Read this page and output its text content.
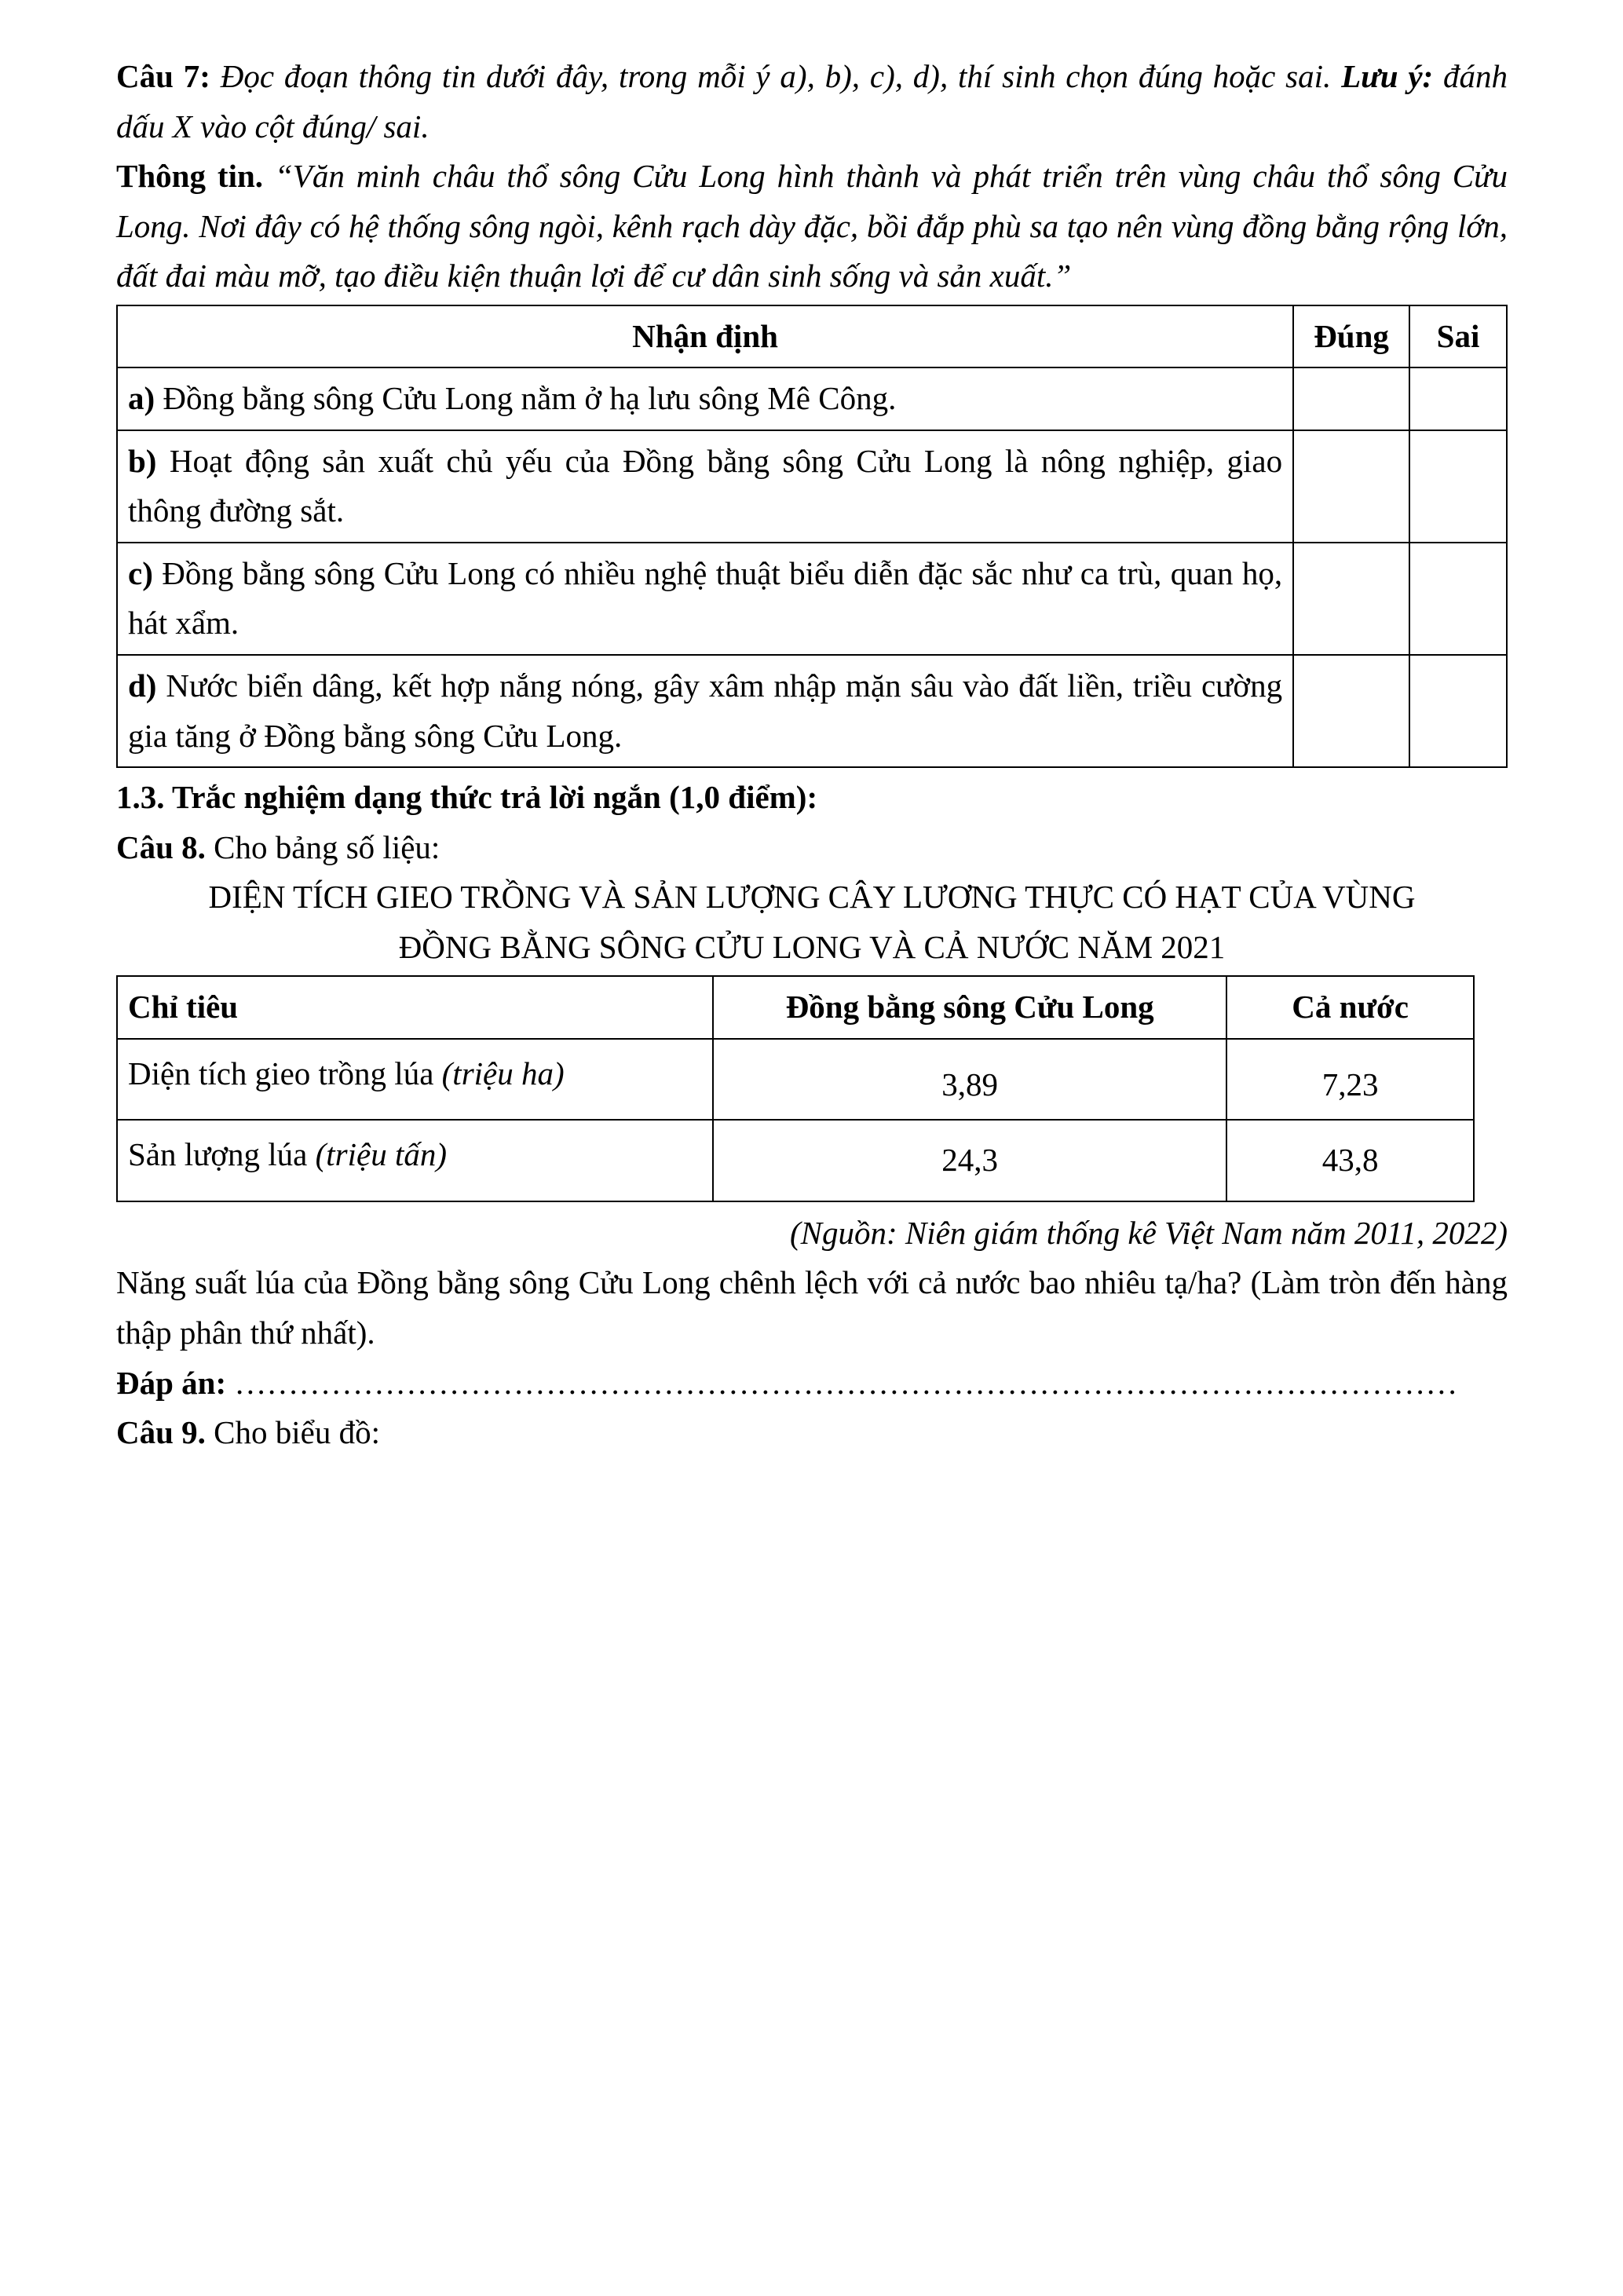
Câu 7: Đọc đoạn thông tin dưới đây, trong mỗi ý a), b), c), d), thí sinh chọn đúng hoặc sai. Lưu ý: đánh dấu X vào cột đúng/ sai.

Thông tin. “Văn minh châu thổ sông Cửu Long hình thành và phát triển trên vùng châu thổ sông Cửu Long. Nơi đây có hệ thống sông ngòi, kênh rạch dày đặc, bồi đắp phù sa tạo nên vùng đồng bằng rộng lớn, đất đai màu mỡ, tạo điều kiện thuận lợi để cư dân sinh sống và sản xuất.”

Nhận định	Đúng	Sai
a) Đồng bằng sông Cửu Long nằm ở hạ lưu sông Mê Công.		
b) Hoạt động sản xuất chủ yếu của Đồng bằng sông Cửu Long là nông nghiệp, giao thông đường sắt.		
c) Đồng bằng sông Cửu Long có nhiều nghệ thuật biểu diễn đặc sắc như ca trù, quan họ, hát xẩm.		
d) Nước biển dâng, kết hợp nắng nóng, gây xâm nhập mặn sâu vào đất liền, triều cường gia tăng ở Đồng bằng sông Cửu Long.		

1.3. Trắc nghiệm dạng thức trả lời ngắn (1,0 điểm):

Câu 8. Cho bảng số liệu:

DIỆN TÍCH GIEO TRỒNG VÀ SẢN LƯỢNG CÂY LƯƠNG THỰC CÓ HẠT CỦA VÙNG

ĐỒNG BẰNG SÔNG CỬU LONG VÀ CẢ NƯỚC NĂM 2021

Chỉ tiêu	Đồng bằng sông Cửu Long	Cả nước
Diện tích gieo trồng lúa (triệu ha)	3,89	7,23
Sản lượng lúa (triệu tấn)	24,3	43,8

(Nguồn: Niên giám thống kê Việt Nam năm 2011, 2022)

Năng suất lúa của Đồng bằng sông Cửu Long chênh lệch với cả nước bao nhiêu tạ/ha? (Làm tròn đến hàng thập phân thứ nhất).

Đáp án: ……………………………………………………………………………………………………

Câu 9. Cho biểu đồ:
